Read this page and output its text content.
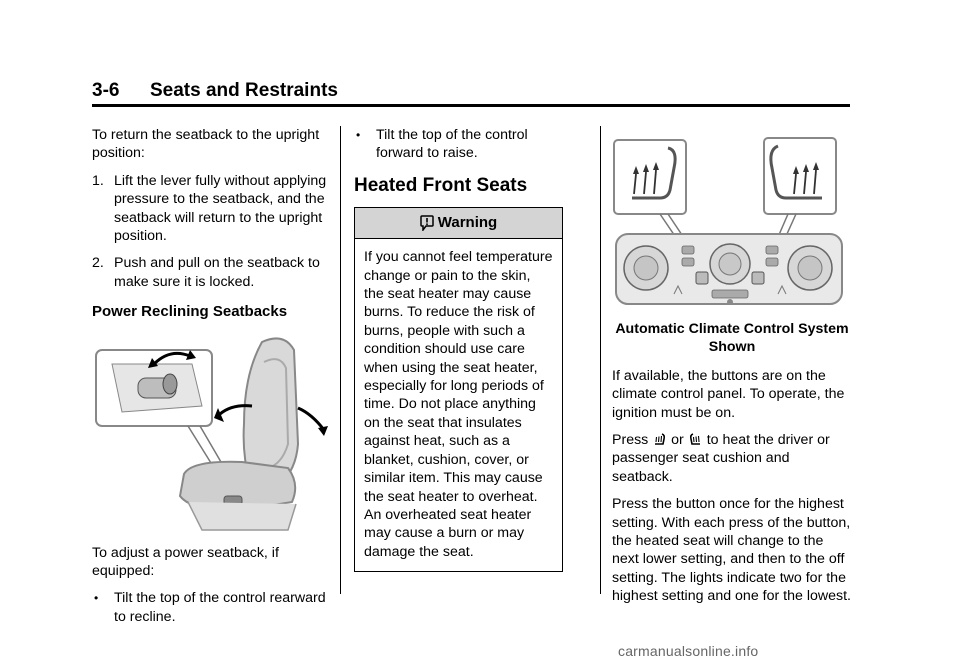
3-6 Seats and Restraints

To return the seatback to the upright position:

1. Lift the lever fully without applying pressure to the seatback, and the seatback will return to the upright position.
2. Push and pull on the seatback to make sure it is locked.
Power Reclining Seatbacks

To adjust a power seatback, if equipped:

• Tilt the top of the control rearward to recline.
• Tilt the top of the control forward to raise.
Heated Front Seats
Warning
If you cannot feel temperature change or pain to the skin, the seat heater may cause burns. To reduce the risk of burns, people with such a condition should use care when using the seat heater, especially for long periods of time. Do not place anything on the seat that insulates against heat, such as a blanket, cushion, cover, or similar item. This may cause the seat heater to overheat. An overheated seat heater may cause a burn or may damage the seat.
Automatic Climate Control System Shown

If available, the buttons are on the climate control panel. To operate, the ignition must be on.

Press or to heat the driver or passenger seat cushion and seatback.

Press the button once for the highest setting. With each press of the button, the heated seat will change to the next lower setting, and then to the off setting. The lights indicate two for the highest setting and one for the lowest.

carmanualsonline.info
